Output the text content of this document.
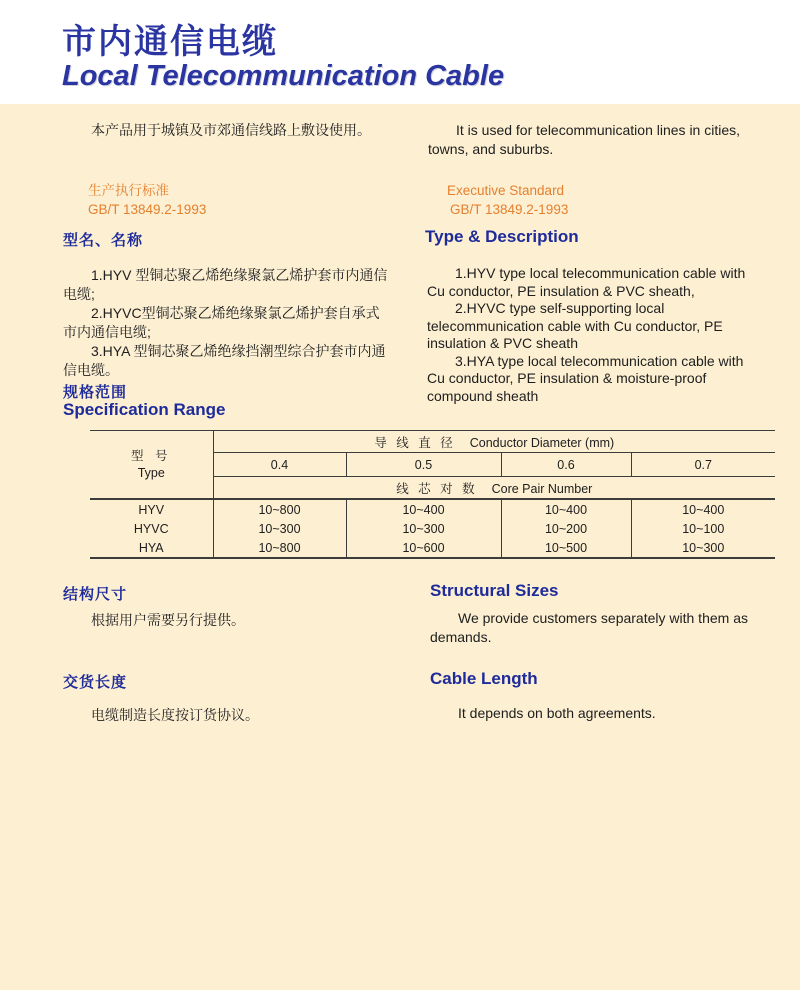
市内通信电缆
Local Telecommunication Cable
本产品用于城镇及市郊通信线路上敷设使用。	It is used for telecommunication lines in cities, towns, and suburbs.
生产执行标准
GB/T 13849.2-1993
Executive Standard
GB/T 13849.2-1993
型名、名称	Type & Description

1.HYV 型铜芯聚乙烯绝缘聚氯乙烯护套市内通信电缆;

2.HYVC型铜芯聚乙烯绝缘聚氯乙烯护套自承式市内通信电缆;

3.HYA 型铜芯聚乙烯绝缘挡潮型综合护套市内通信电缆。

1.HYV type local telecommunication cable with Cu conductor, PE insulation & PVC sheath,

2.HYVC type self-supporting local telecommunication cable with Cu conductor, PE insulation & PVC sheath

3.HYA type local telecommunication cable with Cu conductor, PE insulation & moisture-proof compound sheath

规格范围
Specification Range
型 号
Type	导 线 直 径 Conductor Diameter (mm)			
	0.4	0.5	0.6	0.7
	线 芯 对 数 Core Pair Number			
HYV	10~800	10~400	10~400	10~400
HYVC	10~300	10~300	10~200	10~100
HYA	10~800	10~600	10~500	10~300
结构尺寸	Structural Sizes
根据用户需要另行提供。	We provide customers separately with them as demands.
交货长度	Cable Length
电缆制造长度按订货协议。	It depends on both agreements.
